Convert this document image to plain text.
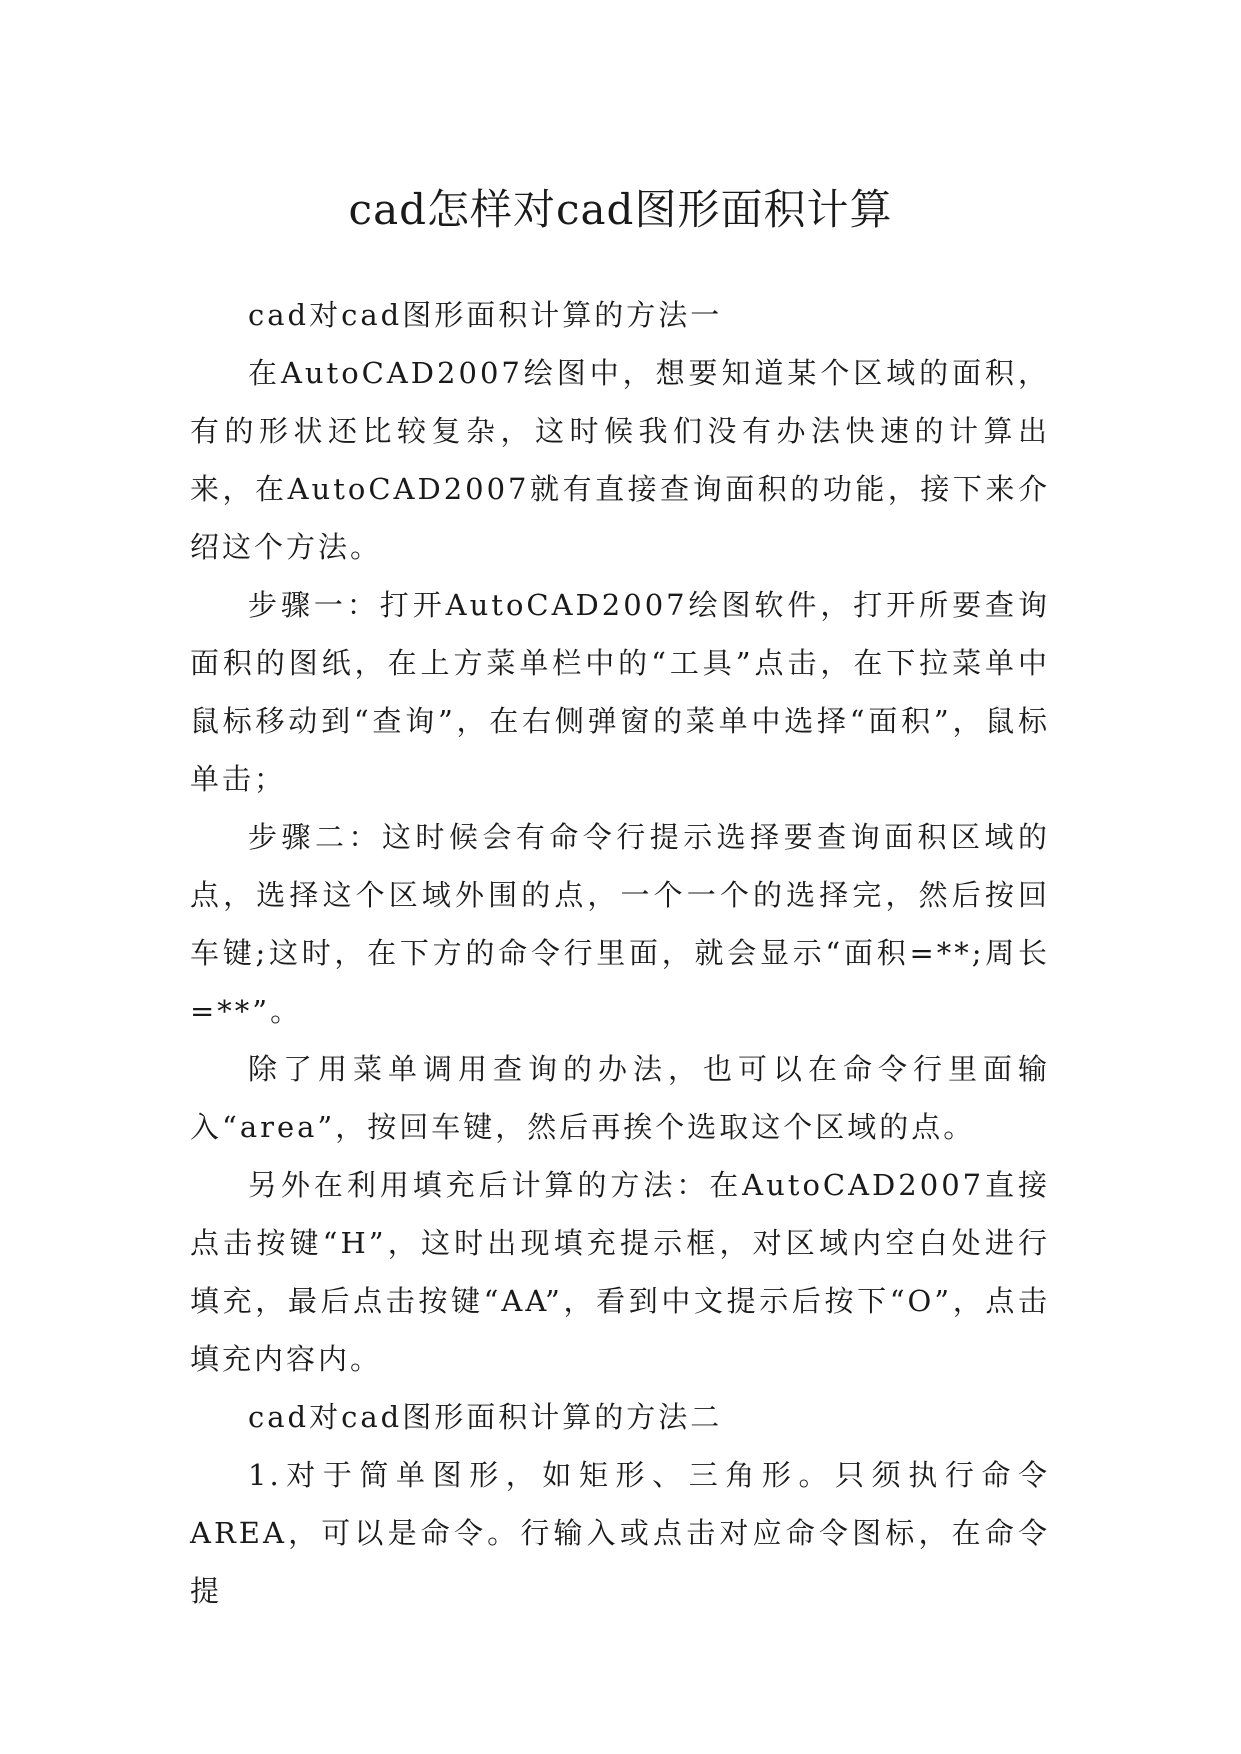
cad怎样对cad图形面积计算

cad对cad图形面积计算的方法一

在AutoCAD2007绘图中，想要知道某个区域的面积，有的形状还比较复杂，这时候我们没有办法快速的计算出来，在AutoCAD2007就有直接查询面积的功能，接下来介绍这个方法。

步骤一：打开AutoCAD2007绘图软件，打开所要查询面积的图纸，在上方菜单栏中的“工具”点击，在下拉菜单中鼠标移动到“查询”，在右侧弹窗的菜单中选择“面积”，鼠标单击；

步骤二：这时候会有命令行提示选择要查询面积区域的点，选择这个区域外围的点，一个一个的选择完，然后按回车键;这时，在下方的命令行里面，就会显示“面积=**;周长=**”。

除了用菜单调用查询的办法，也可以在命令行里面输入“area”，按回车键，然后再挨个选取这个区域的点。

另外在利用填充后计算的方法：在AutoCAD2007直接点击按键“H”，这时出现填充提示框，对区域内空白处进行填充，最后点击按键“AA”，看到中文提示后按下“O”，点击填充内容内。

cad对cad图形面积计算的方法二

1.对于简单图形，如矩形、三角形。只须执行命令AREA，可以是命令。行输入或点击对应命令图标，在命令提
